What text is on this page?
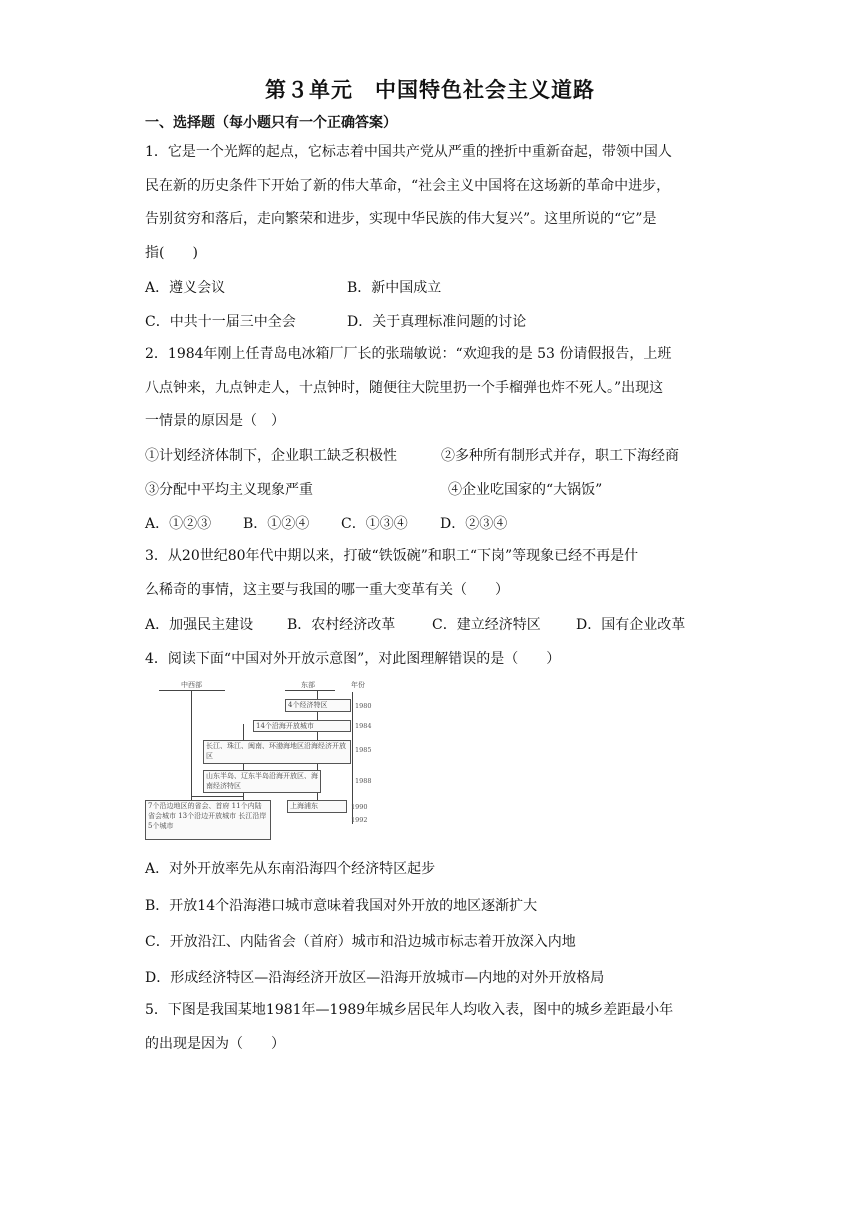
第３单元　中国特色社会主义道路
一、选择题（每小题只有一个正确答案）
1．它是一个光辉的起点，它标志着中国共产党从严重的挫折中重新奋起，带领中国人
民在新的历史条件下开始了新的伟大革命，“社会主义中国将在这场新的革命中进步，
告别贫穷和落后，走向繁荣和进步，实现中华民族的伟大复兴”。这里所说的“它”是
指(　　)
A．遵义会议	B．新中国成立
C．中共十一届三中全会	D．关于真理标准问题的讨论
2．1984年刚上任青岛电冰箱厂厂长的张瑞敏说：“欢迎我的是 53 份请假报告，上班
八点钟来，九点钟走人，十点钟时，随便往大院里扔一个手榴弹也炸不死人。”出现这
一情景的原因是（　）
①计划经济体制下，企业职工缺乏积极性	②多种所有制形式并存，职工下海经商
③分配中平均主义现象严重	④企业吃国家的“大锅饭”
A．①②③ B．①②④ C．①③④ D．②③④
3．从20世纪80年代中期以来，打破“铁饭碗”和职工“下岗”等现象已经不再是什
么稀奇的事情，这主要与我国的哪一重大变革有关（　　）
A．加强民主建设 B．农村经济改革	C．建立经济特区	D．国有企业改革
4．阅读下面“中国对外开放示意图”，对此图理解错误的是（　　）
中西部	东部	年份
4个经济特区
14个沿海开放城市
长江、珠江、闽南、环渤海地区沿海经济开放区
山东半岛、辽东半岛沿海开放区、海南经济特区
上海浦东
7个沿边地区的省会、首府 11个内陆省会城市 13个沿边开放城市 长江沿岸5个城市
1980
1984
1985
1988
1990
1992
A．对外开放率先从东南沿海四个经济特区起步
B．开放14个沿海港口城市意味着我国对外开放的地区逐渐扩大
C．开放沿江、内陆省会（首府）城市和沿边城市标志着开放深入内地
D．形成经济特区—沿海经济开放区—沿海开放城市—内地的对外开放格局
5．下图是我国某地1981年—1989年城乡居民年人均收入表，图中的城乡差距最小年
的出现是因为（　　）
